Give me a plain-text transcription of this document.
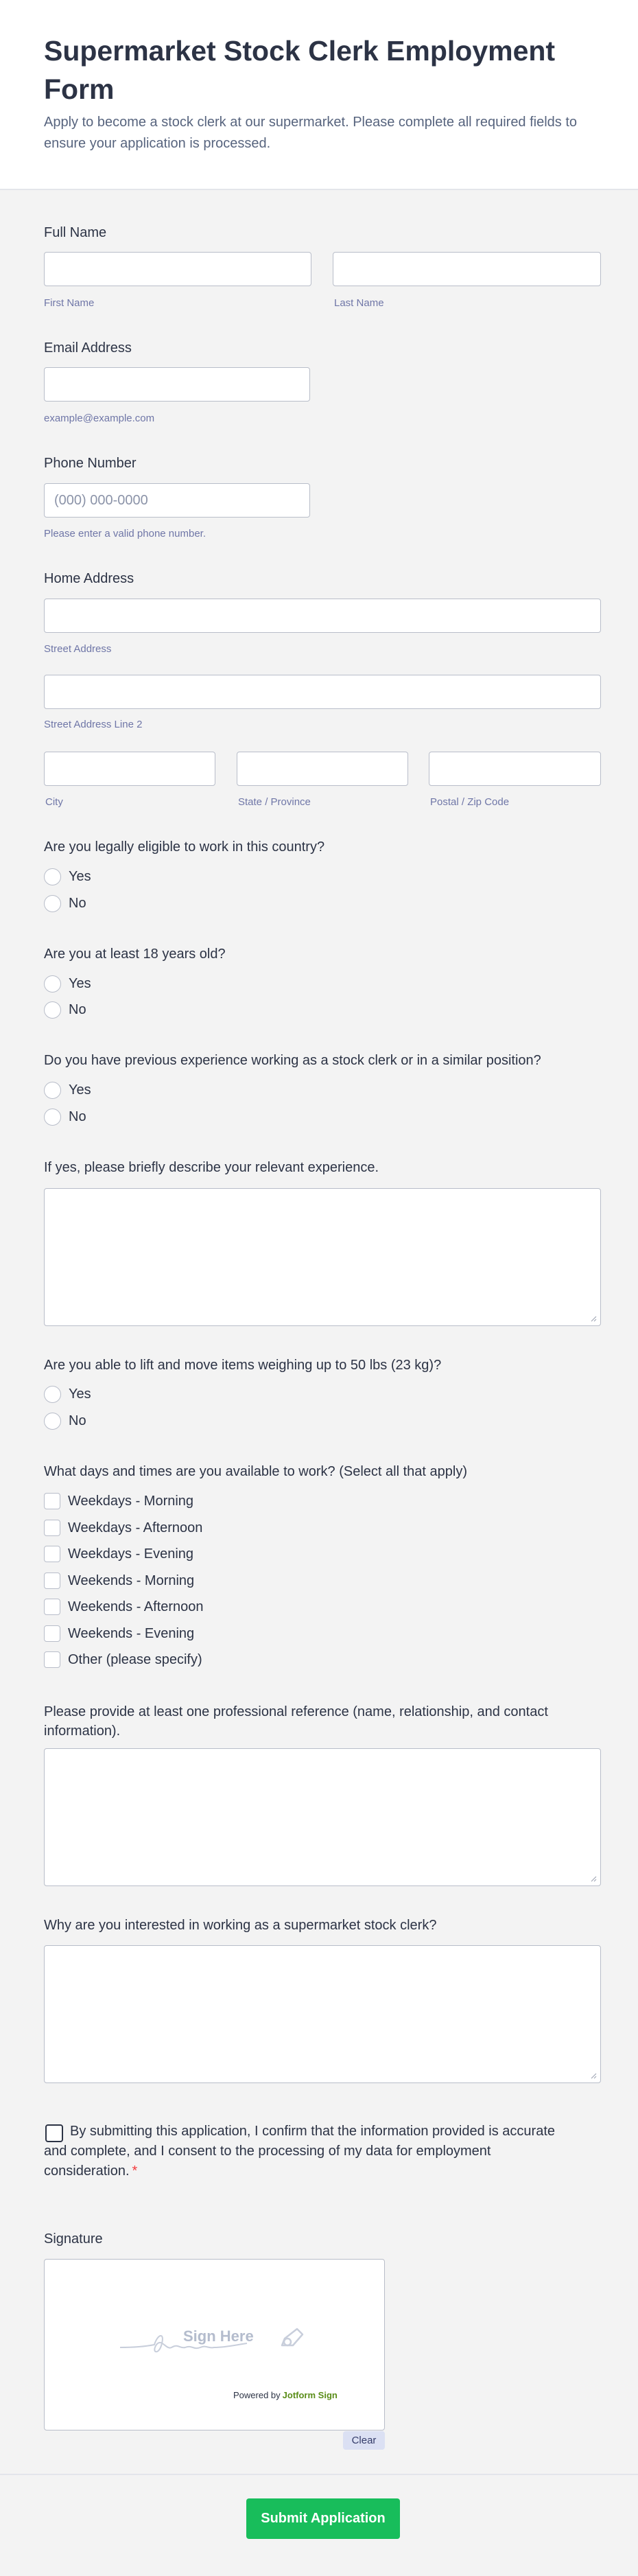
Supermarket Stock Clerk Employment Form
Apply to become a stock clerk at our supermarket. Please complete all required fields to ensure your application is processed.
Full Name
First Name	Last Name
Email Address
example@example.com
Phone Number
(000) 000-0000
Please enter a valid phone number.
Home Address
Street Address
Street Address Line 2
City	State / Province	Postal / Zip Code
Are you legally eligible to work in this country?
Yes
No
Are you at least 18 years old?
Yes
No
Do you have previous experience working as a stock clerk or in a similar position?
Yes
No
If yes, please briefly describe your relevant experience.
Are you able to lift and move items weighing up to 50 lbs (23 kg)?
Yes
No
What days and times are you available to work? (Select all that apply)
Weekdays - Morning
Weekdays - Afternoon
Weekdays - Evening
Weekends - Morning
Weekends - Afternoon
Weekends - Evening
Other (please specify)
Please provide at least one professional reference (name, relationship, and contact information).
Why are you interested in working as a supermarket stock clerk?
By submitting this application, I confirm that the information provided is accurate and complete, and I consent to the processing of my data for employment consideration. *
Signature
Sign Here
Powered by Jotform Sign
Clear
Submit Application
